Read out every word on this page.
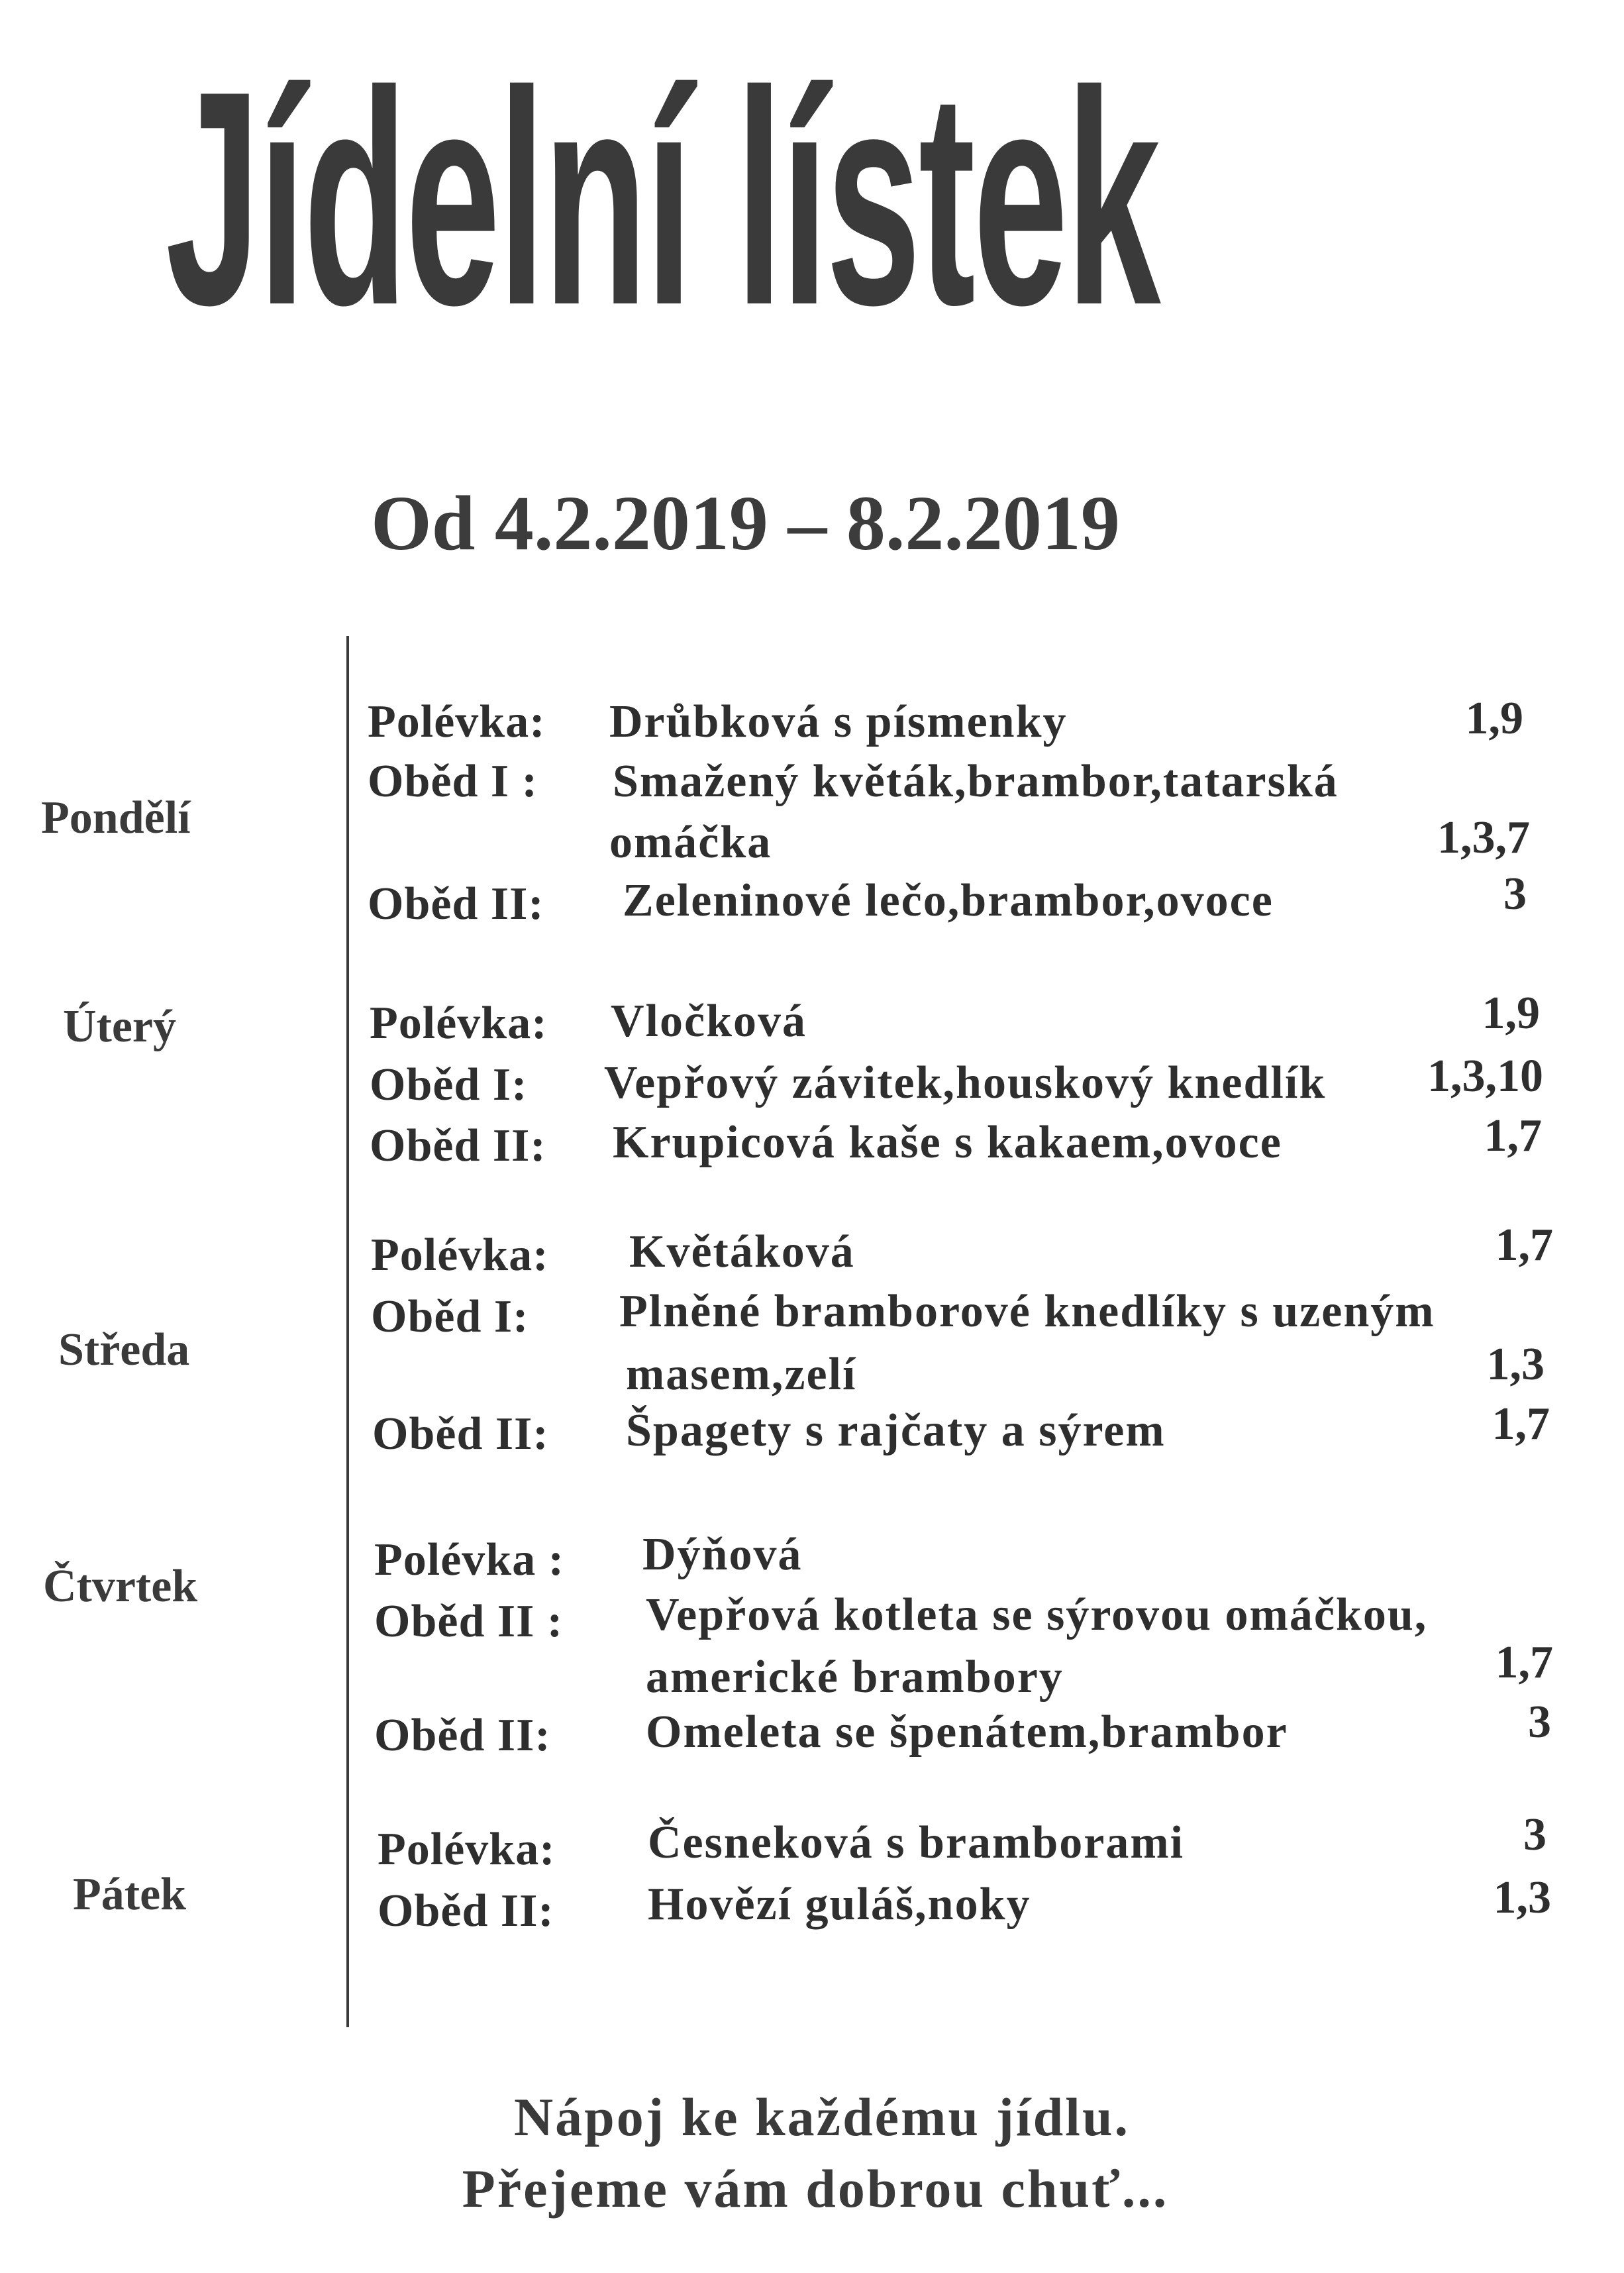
Jídelní lístek
Od 4.2.2019 – 8.2.2019
Pondělí
Polévka: Drůbková s písmenky	1,9
Oběd I : Smažený květák,brambor,tatarská
omáčka	1,3,7
Oběd II: Zeleninové lečo,brambor,ovoce	3
Úterý	Polévka: Vločková	1,9
Oběd I: Vepřový závitek,houskový knedlík	1,3,10
Oběd II: Krupicová kaše s kakaem,ovoce	1,7
Středa
Polévka: Květáková	1,7
Oběd I: Plněné bramborové knedlíky s uzeným
masem,zelí	1,3
Oběd II: Špagety s rajčaty a sýrem	1,7
Čtvrtek
Polévka : Dýňová
Oběd II : Vepřová kotleta se sýrovou omáčkou,
americké brambory	1,7
Oběd II: Omeleta se špenátem,brambor	3
Pátek
Polévka: Česneková s bramborami	3
Oběd II: Hovězí guláš,noky	1,3
Nápoj ke každému jídlu.
Přejeme vám dobrou chuť...
